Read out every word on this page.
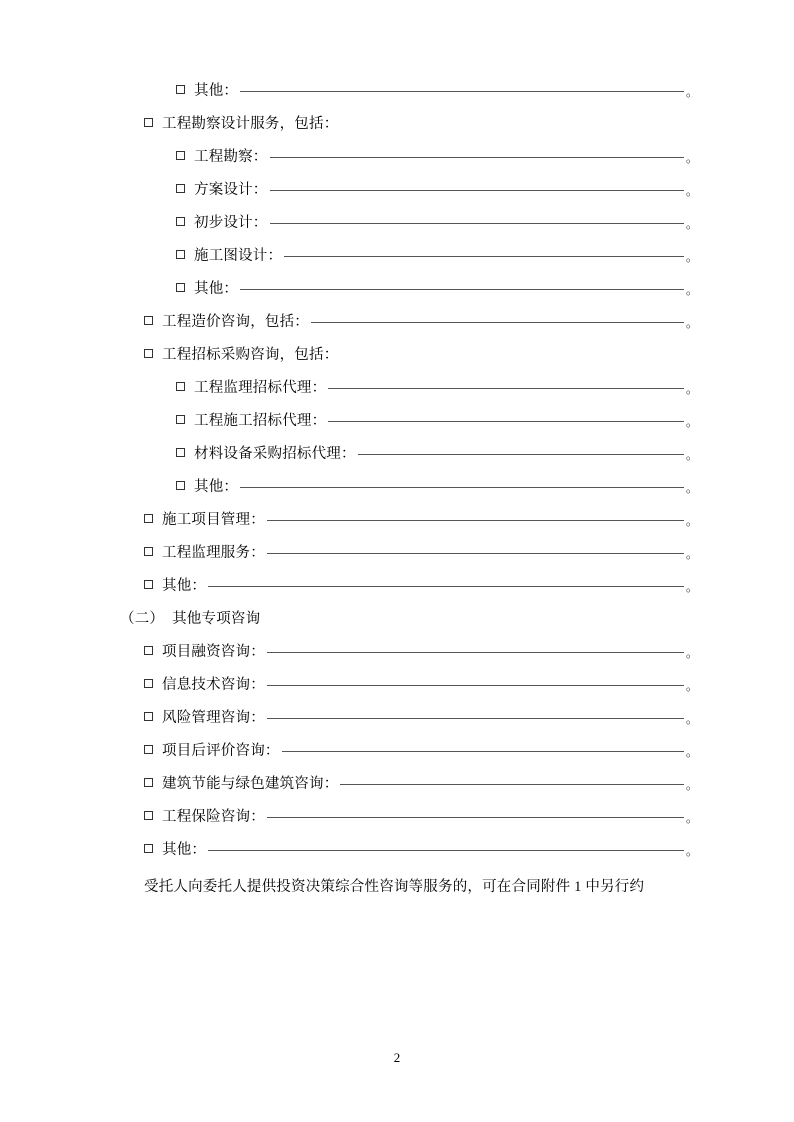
其他：	。
工程勘察设计服务，包括：
工程勘察：	。
方案设计：	。
初步设计：	。
施工图设计：	。
其他：	。
工程造价咨询，包括：	。
工程招标采购咨询，包括：
工程监理招标代理：	。
工程施工招标代理：	。
材料设备采购招标代理：	。
其他：	。
施工项目管理：	。
工程监理服务：	。
其他：	。
（二） 其他专项咨询
项目融资咨询：	。
信息技术咨询：	。
风险管理咨询：	。
项目后评价咨询：	。
建筑节能与绿色建筑咨询：	。
工程保险咨询：	。
其他：	。
受托人向委托人提供投资决策综合性咨询等服务的，可在合同附件 1 中另行约
2
